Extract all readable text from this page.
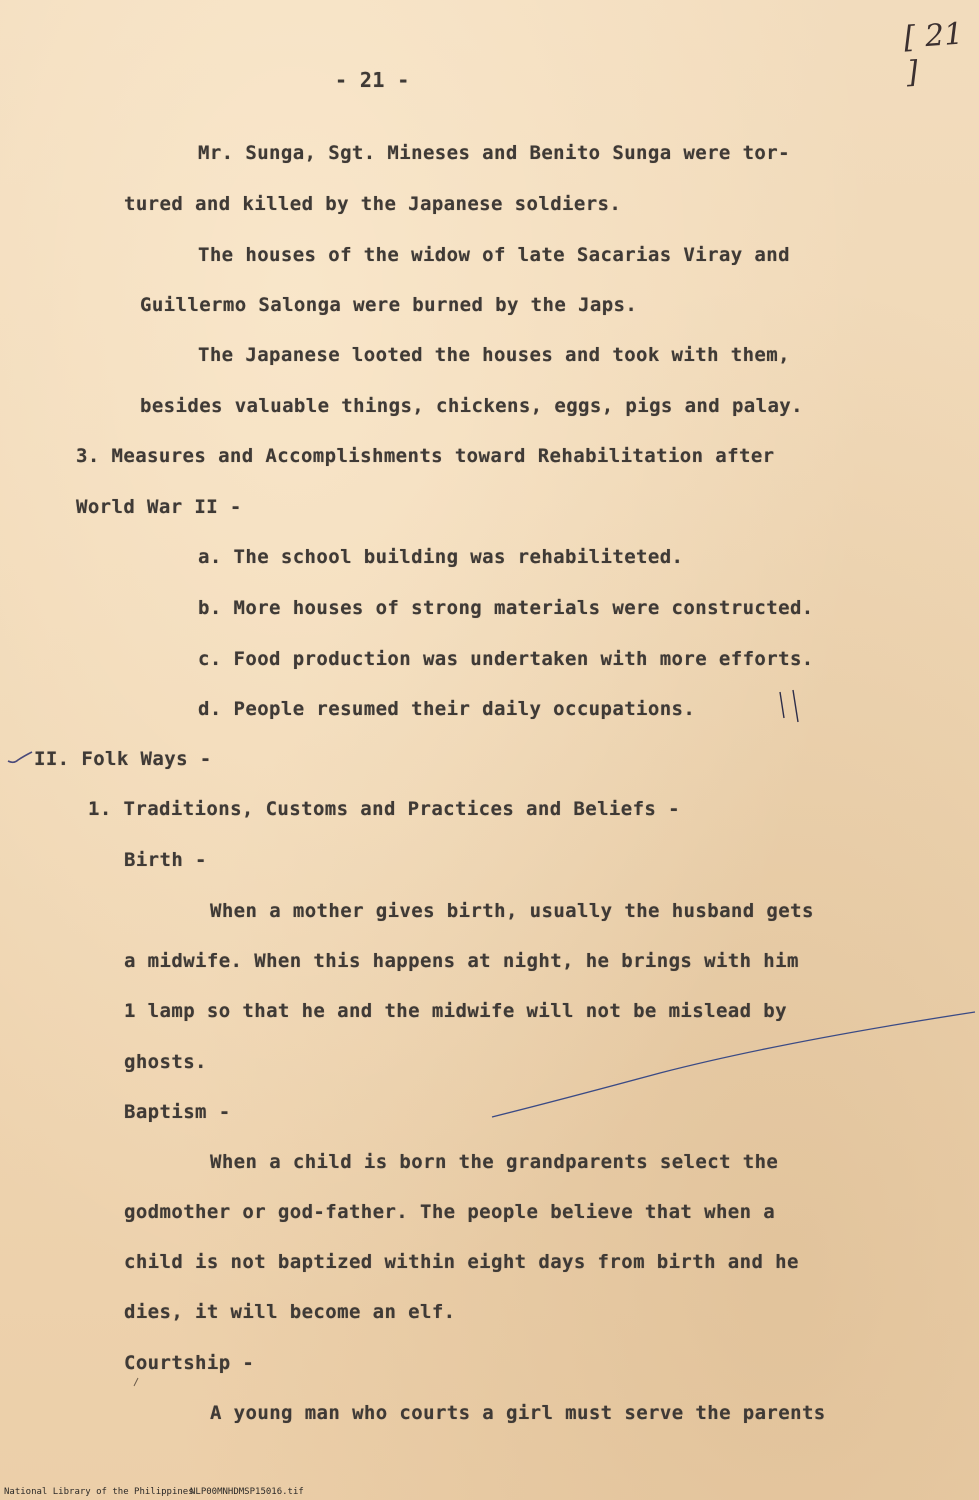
[ 21 ]
- 21 -
Mr. Sunga, Sgt. Mineses and Benito Sunga were tor-
tured and killed by the Japanese soldiers.
The houses of the widow of late Sacarias Viray and
Guillermo Salonga were burned by the Japs.
The Japanese looted the houses and took with them,
besides valuable things, chickens, eggs, pigs and palay.
3. Measures and Accomplishments toward Rehabilitation after
World War II -
a. The school building was rehabiliteted.
b. More houses of strong materials were constructed.
c. Food production was undertaken with more efforts.
d. People resumed their daily occupations.
II. Folk Ways -
1. Traditions, Customs and Practices and Beliefs -
Birth -
When a mother gives birth, usually the husband gets
a midwife. When this happens at night, he brings with him
1 lamp so that he and the midwife will not be mislead by
ghosts.
Baptism -
When a child is born the grandparents select the
godmother or god-father. The people believe that when a
child is not baptized within eight days from birth and he
dies, it will become an elf.
Courtship -
A young man who courts a girl must serve the parents
National Library of the Philippines
NLP00MNHDMSP15016.tif
